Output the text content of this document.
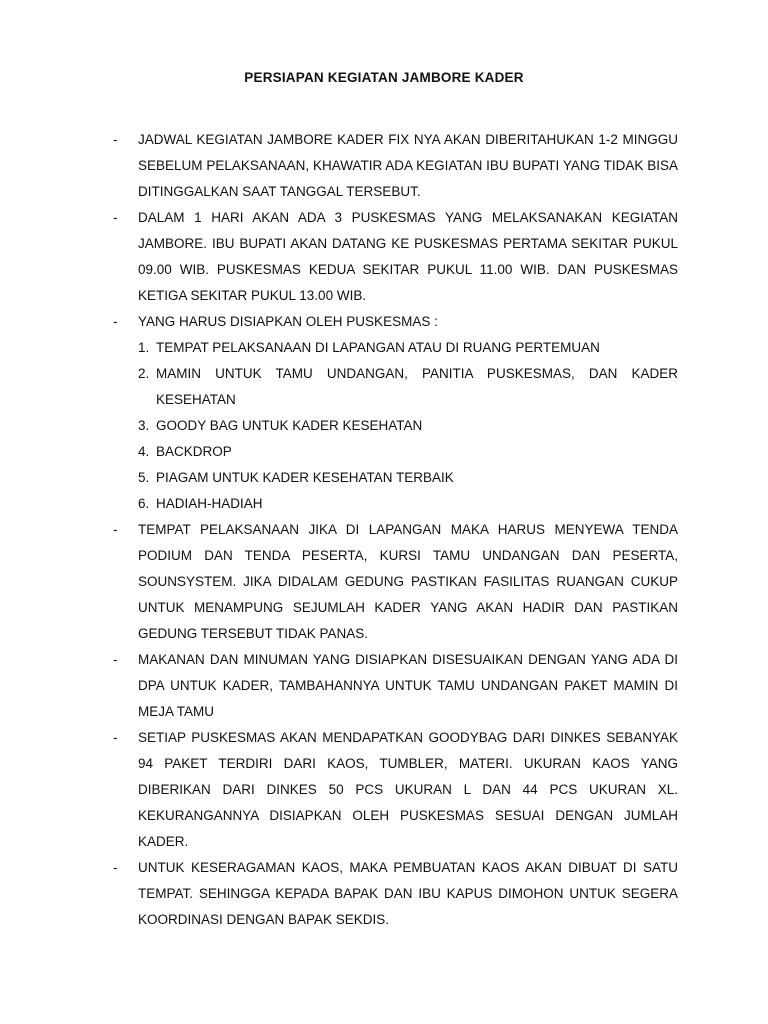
PERSIAPAN KEGIATAN JAMBORE KADER
- JADWAL KEGIATAN JAMBORE KADER FIX NYA AKAN DIBERITAHUKAN 1-2 MINGGU SEBELUM PELAKSANAAN, KHAWATIR ADA KEGIATAN IBU BUPATI YANG TIDAK BISA DITINGGALKAN SAAT TANGGAL TERSEBUT.
- DALAM 1 HARI AKAN ADA 3 PUSKESMAS YANG MELAKSANAKAN KEGIATAN JAMBORE. IBU BUPATI AKAN DATANG KE PUSKESMAS PERTAMA SEKITAR PUKUL 09.00 WIB. PUSKESMAS KEDUA SEKITAR PUKUL 11.00 WIB. DAN PUSKESMAS KETIGA SEKITAR PUKUL 13.00 WIB.
- YANG HARUS DISIAPKAN OLEH PUSKESMAS :
1. TEMPAT PELAKSANAAN DI LAPANGAN ATAU DI RUANG PERTEMUAN
2. MAMIN UNTUK TAMU UNDANGAN, PANITIA PUSKESMAS, DAN KADER KESEHATAN
3. GOODY BAG UNTUK KADER KESEHATAN
4. BACKDROP
5. PIAGAM UNTUK KADER KESEHATAN TERBAIK
6. HADIAH-HADIAH
- TEMPAT PELAKSANAAN JIKA DI LAPANGAN MAKA HARUS MENYEWA TENDA PODIUM DAN TENDA PESERTA, KURSI TAMU UNDANGAN DAN PESERTA, SOUNSYSTEM. JIKA DIDALAM GEDUNG PASTIKAN FASILITAS RUANGAN CUKUP UNTUK MENAMPUNG SEJUMLAH KADER YANG AKAN HADIR DAN PASTIKAN GEDUNG TERSEBUT TIDAK PANAS.
- MAKANAN DAN MINUMAN YANG DISIAPKAN DISESUAIKAN DENGAN YANG ADA DI DPA UNTUK KADER, TAMBAHANNYA UNTUK TAMU UNDANGAN PAKET MAMIN DI MEJA TAMU
- SETIAP PUSKESMAS AKAN MENDAPATKAN GOODYBAG DARI DINKES SEBANYAK 94 PAKET TERDIRI DARI KAOS, TUMBLER, MATERI. UKURAN KAOS YANG DIBERIKAN DARI DINKES 50 PCS UKURAN L DAN 44 PCS UKURAN XL. KEKURANGANNYA DISIAPKAN OLEH PUSKESMAS SESUAI DENGAN JUMLAH KADER.
- UNTUK KESERAGAMAN KAOS, MAKA PEMBUATAN KAOS AKAN DIBUAT DI SATU TEMPAT. SEHINGGA KEPADA BAPAK DAN IBU KAPUS DIMOHON UNTUK SEGERA KOORDINASI DENGAN BAPAK SEKDIS.
